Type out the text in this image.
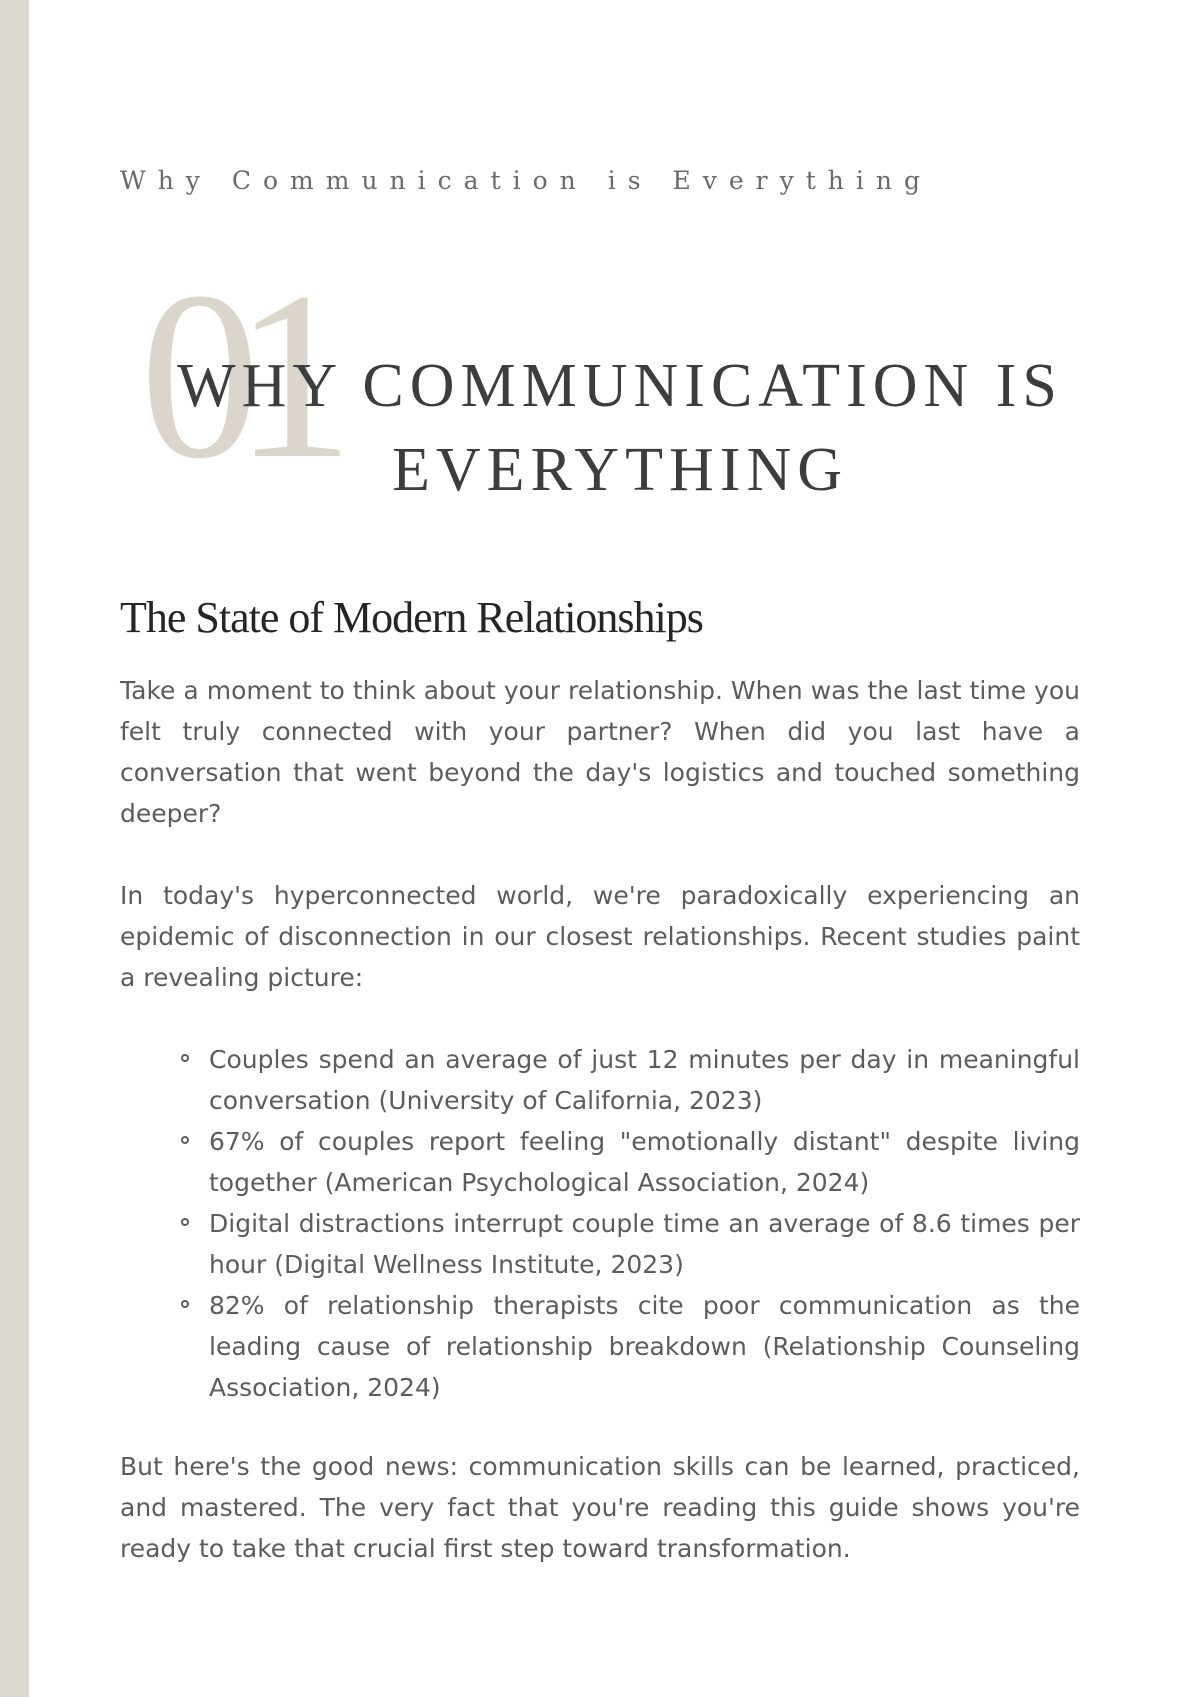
Why Communication is Everything
01
WHY COMMUNICATION IS EVERYTHING
The State of Modern Relationships

Take a moment to think about your relationship. When was the last time you felt truly connected with your partner? When did you last have a conversation that went beyond the day's logistics and touched something deeper?

In today's hyperconnected world, we're paradoxically experiencing an epidemic of disconnection in our closest relationships. Recent studies paint a revealing picture:

Couples spend an average of just 12 minutes per day in meaningful conversation (University of California, 2023)
67% of couples report feeling "emotionally distant" despite living together (American Psychological Association, 2024)
Digital distractions interrupt couple time an average of 8.6 times per hour (Digital Wellness Institute, 2023)
82% of relationship therapists cite poor communication as the leading cause of relationship breakdown (Relationship Counseling Association, 2024)

But here's the good news: communication skills can be learned, practiced, and mastered. The very fact that you're reading this guide shows you're ready to take that crucial first step toward transformation.
